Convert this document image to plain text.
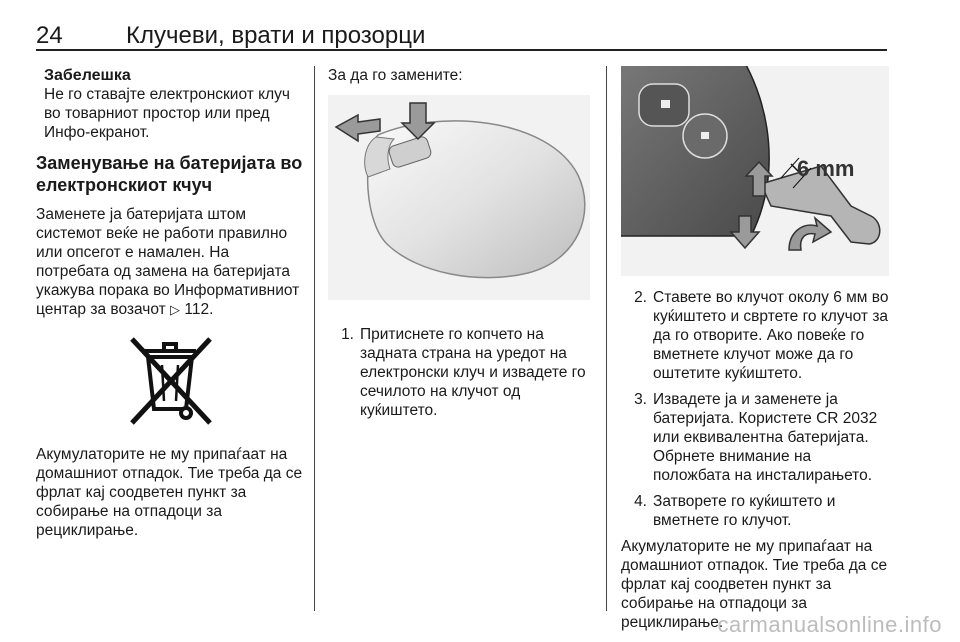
24	Клучеви, врати и прозорци

Забелешка
Не го ставајте електронскиот клуч во товарниот простор или пред Инфо-екранот.

Заменување на батеријата во електронскиот кчуч

Заменете ја батеријата штом системот веќе не работи правилно или опсегот е намален. На потребата од замена на батеријата укажува порака во Информативниот центар за возачот ▷ 112.

Акумулаторите не му припаѓаат на домашниот отпадок. Тие треба да се фрлат кај соодветен пункт за собирање на отпадоци за рециклирање.

За да го замените:

1. Притиснете го копчето на задната страна на уредот на електронски клуч и извадете го сечилото на клучот од куќиштето.
6 mm
2. Ставете во клучот околу 6 мм во куќиштето и свртете го клучот за да го отворите. Ако повеќе го вметнете клучот може да го оштетите куќиштето.
3. Извадете ја и заменете ја батеријата. Користете CR 2032 или еквивалентна батеријата. Обрнете внимание на положбата на инсталирањето.
4. Затворете го куќиштето и вметнете го клучот.

Акумулаторите не му припаѓаат на домашниот отпадок. Тие треба да се фрлат кај соодветен пункт за собирање на отпадоци за рециклирање.

carmanualsonline.info
